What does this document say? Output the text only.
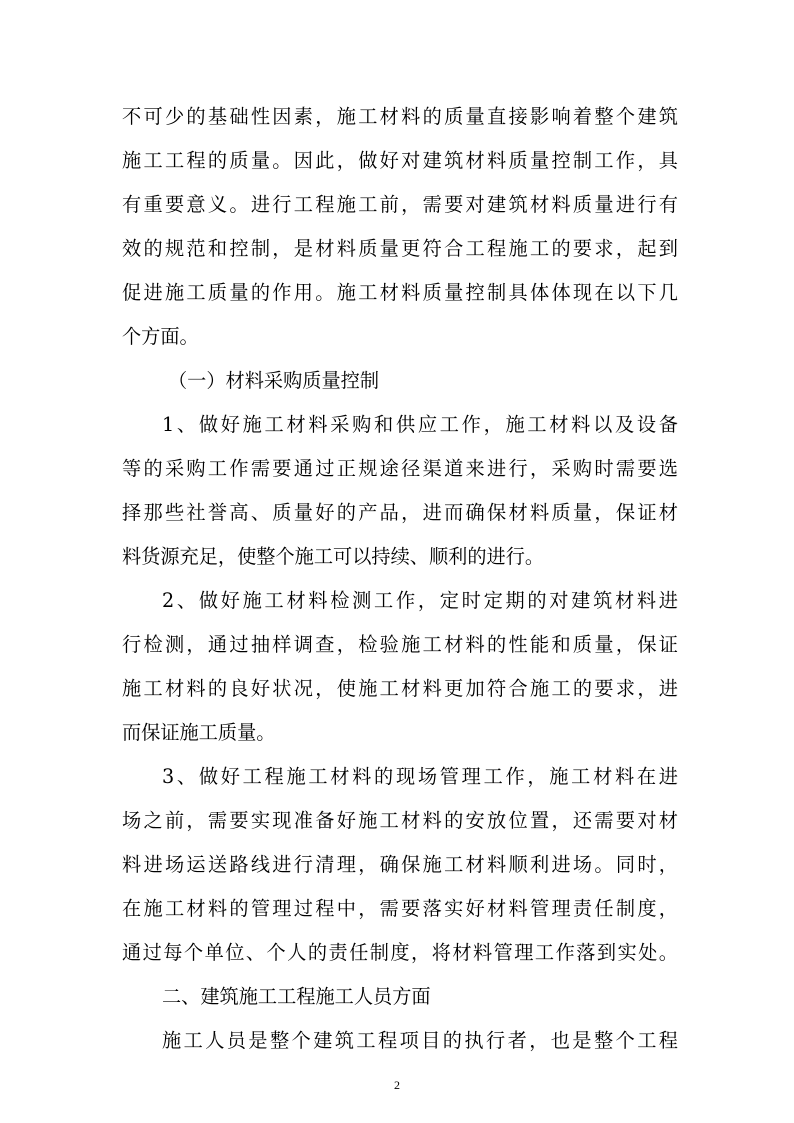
不可少的基础性因素，施工材料的质量直接影响着整个建筑
施工工程的质量。因此，做好对建筑材料质量控制工作，具
有重要意义。进行工程施工前，需要对建筑材料质量进行有
效的规范和控制，是材料质量更符合工程施工的要求，起到
促进施工质量的作用。施工材料质量控制具体体现在以下几
个方面。
（一）材料采购质量控制
1、做好施工材料采购和供应工作，施工材料以及设备
等的采购工作需要通过正规途径渠道来进行，采购时需要选
择那些社誉高、质量好的产品，进而确保材料质量，保证材
料货源充足，使整个施工可以持续、顺利的进行。
2、做好施工材料检测工作，定时定期的对建筑材料进
行检测，通过抽样调查，检验施工材料的性能和质量，保证
施工材料的良好状况，使施工材料更加符合施工的要求，进
而保证施工质量。
3、做好工程施工材料的现场管理工作，施工材料在进
场之前，需要实现准备好施工材料的安放位置，还需要对材
料进场运送路线进行清理，确保施工材料顺利进场。同时，
在施工材料的管理过程中，需要落实好材料管理责任制度，
通过每个单位、个人的责任制度，将材料管理工作落到实处。
二、建筑施工工程施工人员方面
施工人员是整个建筑工程项目的执行者，也是整个工程
2
